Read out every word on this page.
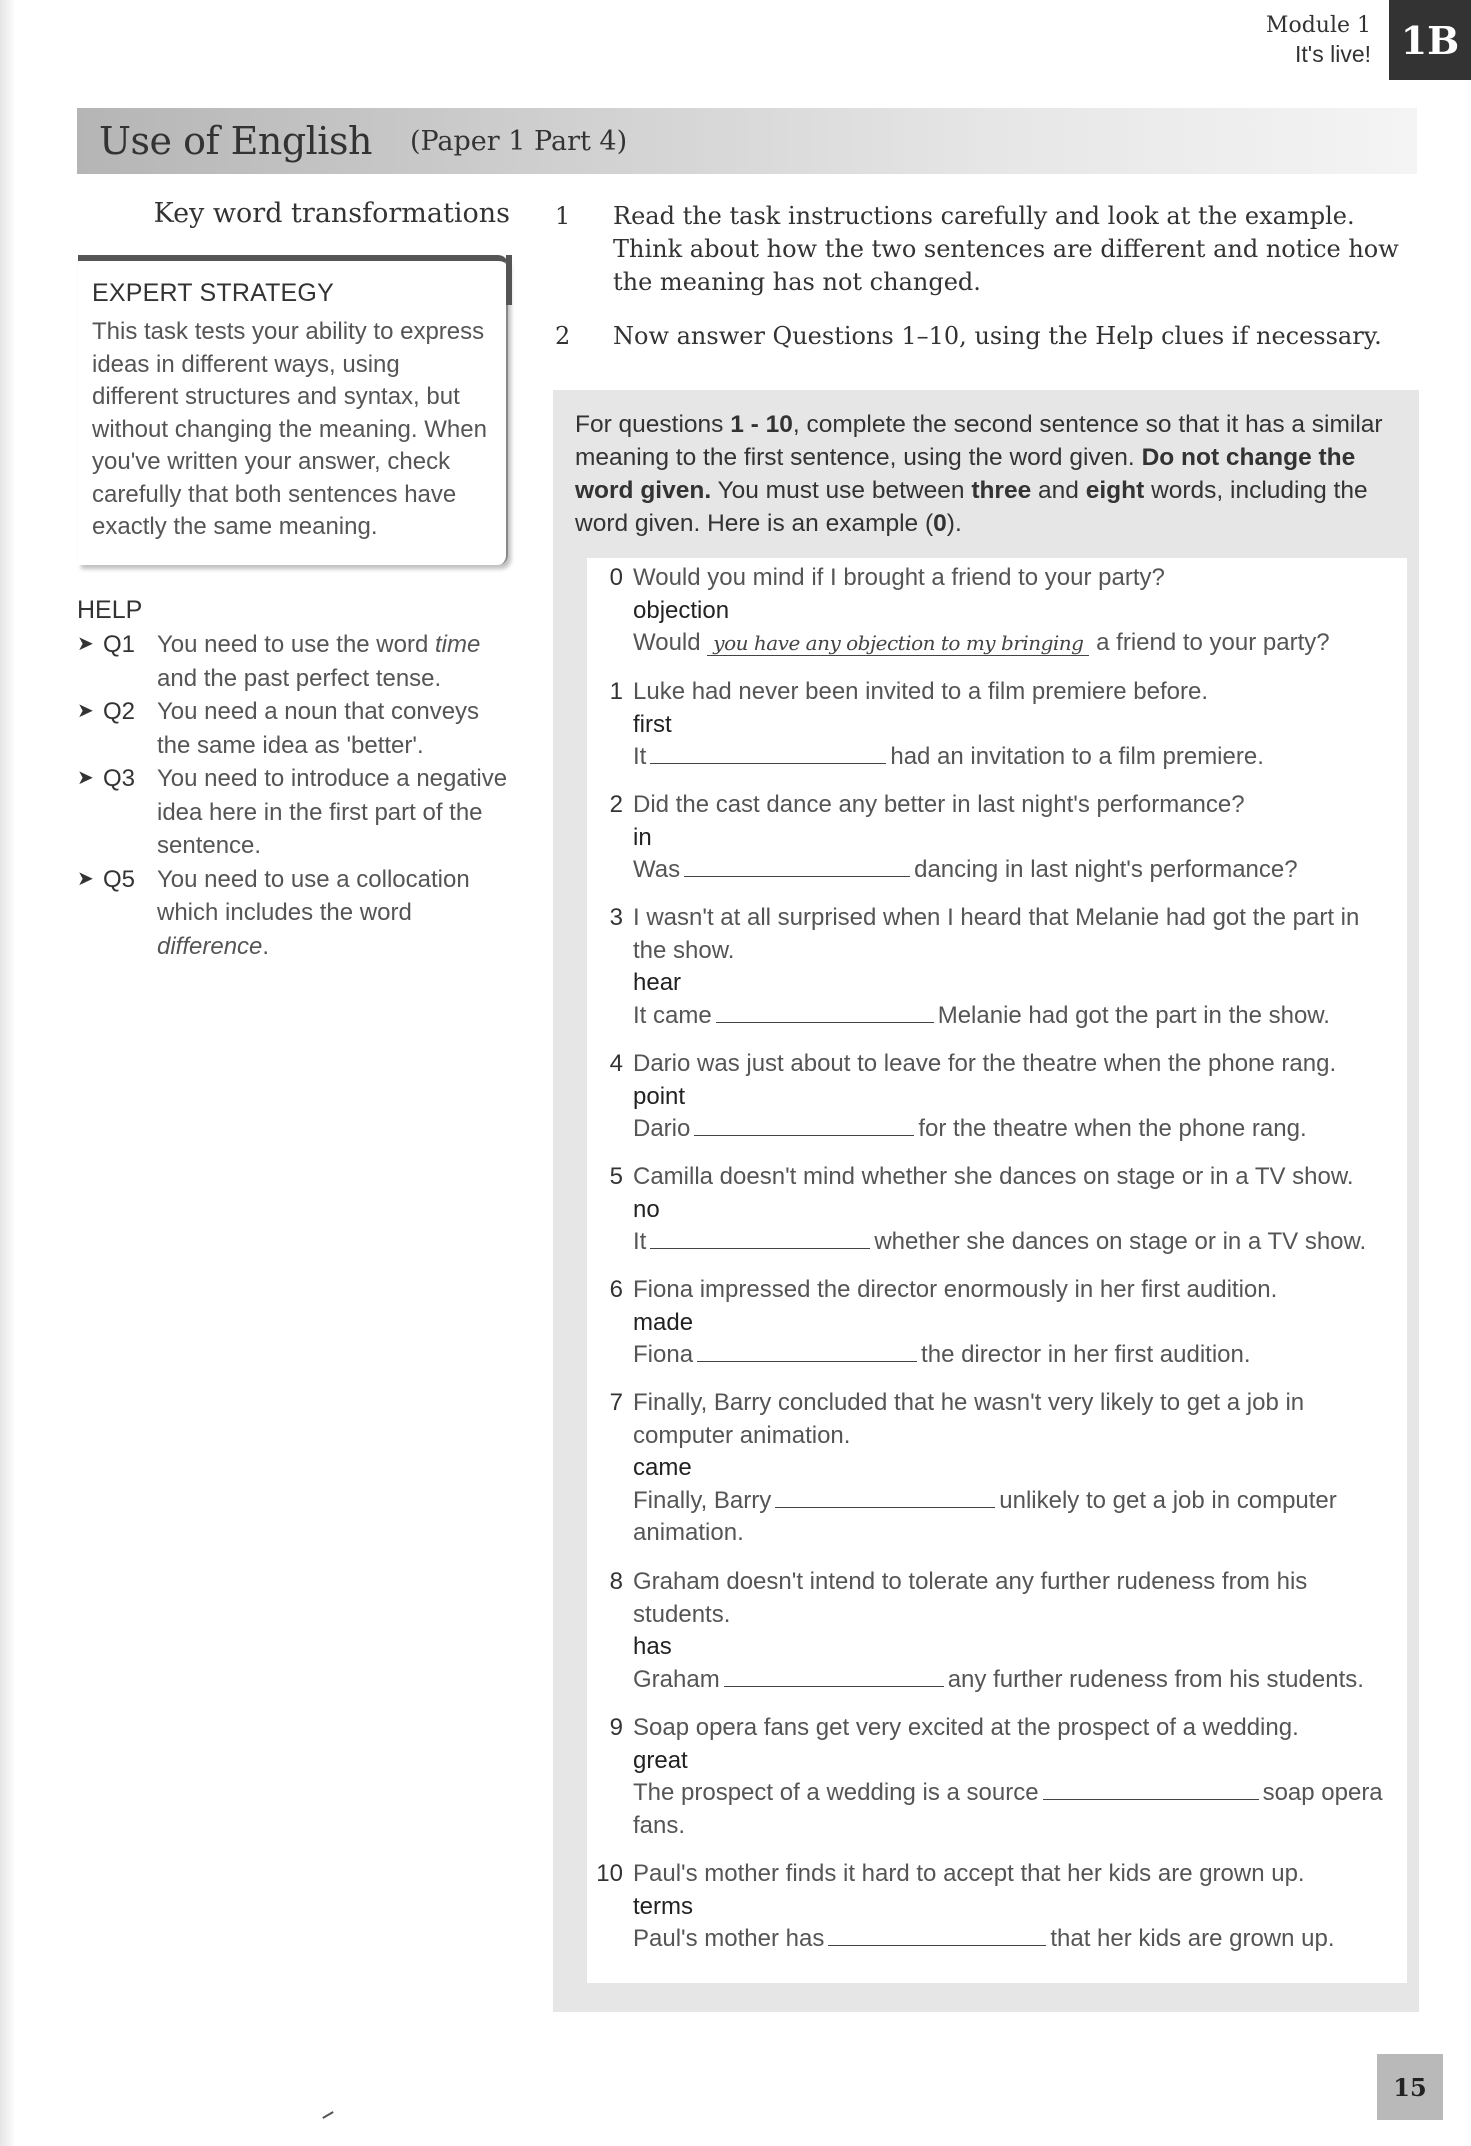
Module 1
It's live! 1B
Use of English (Paper 1 Part 4)
Key word transformations
EXPERT STRATEGY
This task tests your ability to express ideas in different ways, using different structures and syntax, but without changing the meaning. When you've written your answer, check carefully that both sentences have exactly the same meaning.
HELP
➤ Q1 You need to use the word time and the past perfect tense.
➤ Q2 You need a noun that conveys the same idea as 'better'.
➤ Q3 You need to introduce a negative idea here in the first part of the sentence.
➤ Q5 You need to use a collocation which includes the word difference.
1	Read the task instructions carefully and look at the example. Think about how the two sentences are different and notice how the meaning has not changed.
2	Now answer Questions 1–10, using the Help clues if necessary.
For questions 1 - 10, complete the second sentence so that it has a similar meaning to the first sentence, using the word given. Do not change the word given. You must use between three and eight words, including the word given. Here is an example (0).
0 Would you mind if I brought a friend to your party?
objection
Would you have any objection to my bringing a friend to your party?
1 Luke had never been invited to a film premiere before.
first
It	had an invitation to a film premiere.
2 Did the cast dance any better in last night's performance?
in
Was	dancing in last night's performance?
3 I wasn't at all surprised when I heard that Melanie had got the part in the show.
hear
It came	Melanie had got the part in the show.
4 Dario was just about to leave for the theatre when the phone rang.
point
Dario	for the theatre when the phone rang.
5 Camilla doesn't mind whether she dances on stage or in a TV show.
no
It	whether she dances on stage or in a TV show.
6 Fiona impressed the director enormously in her first audition.
made
Fiona	the director in her first audition.
7 Finally, Barry concluded that he wasn't very likely to get a job in computer animation.
came
Finally, Barry	unlikely to get a job in computer animation.
8 Graham doesn't intend to tolerate any further rudeness from his students.
has
Graham	any further rudeness from his students.
9 Soap opera fans get very excited at the prospect of a wedding.
great
The prospect of a wedding is a source	soap opera fans.
10 Paul's mother finds it hard to accept that her kids are grown up.
terms
Paul's mother has	that her kids are grown up.
15
